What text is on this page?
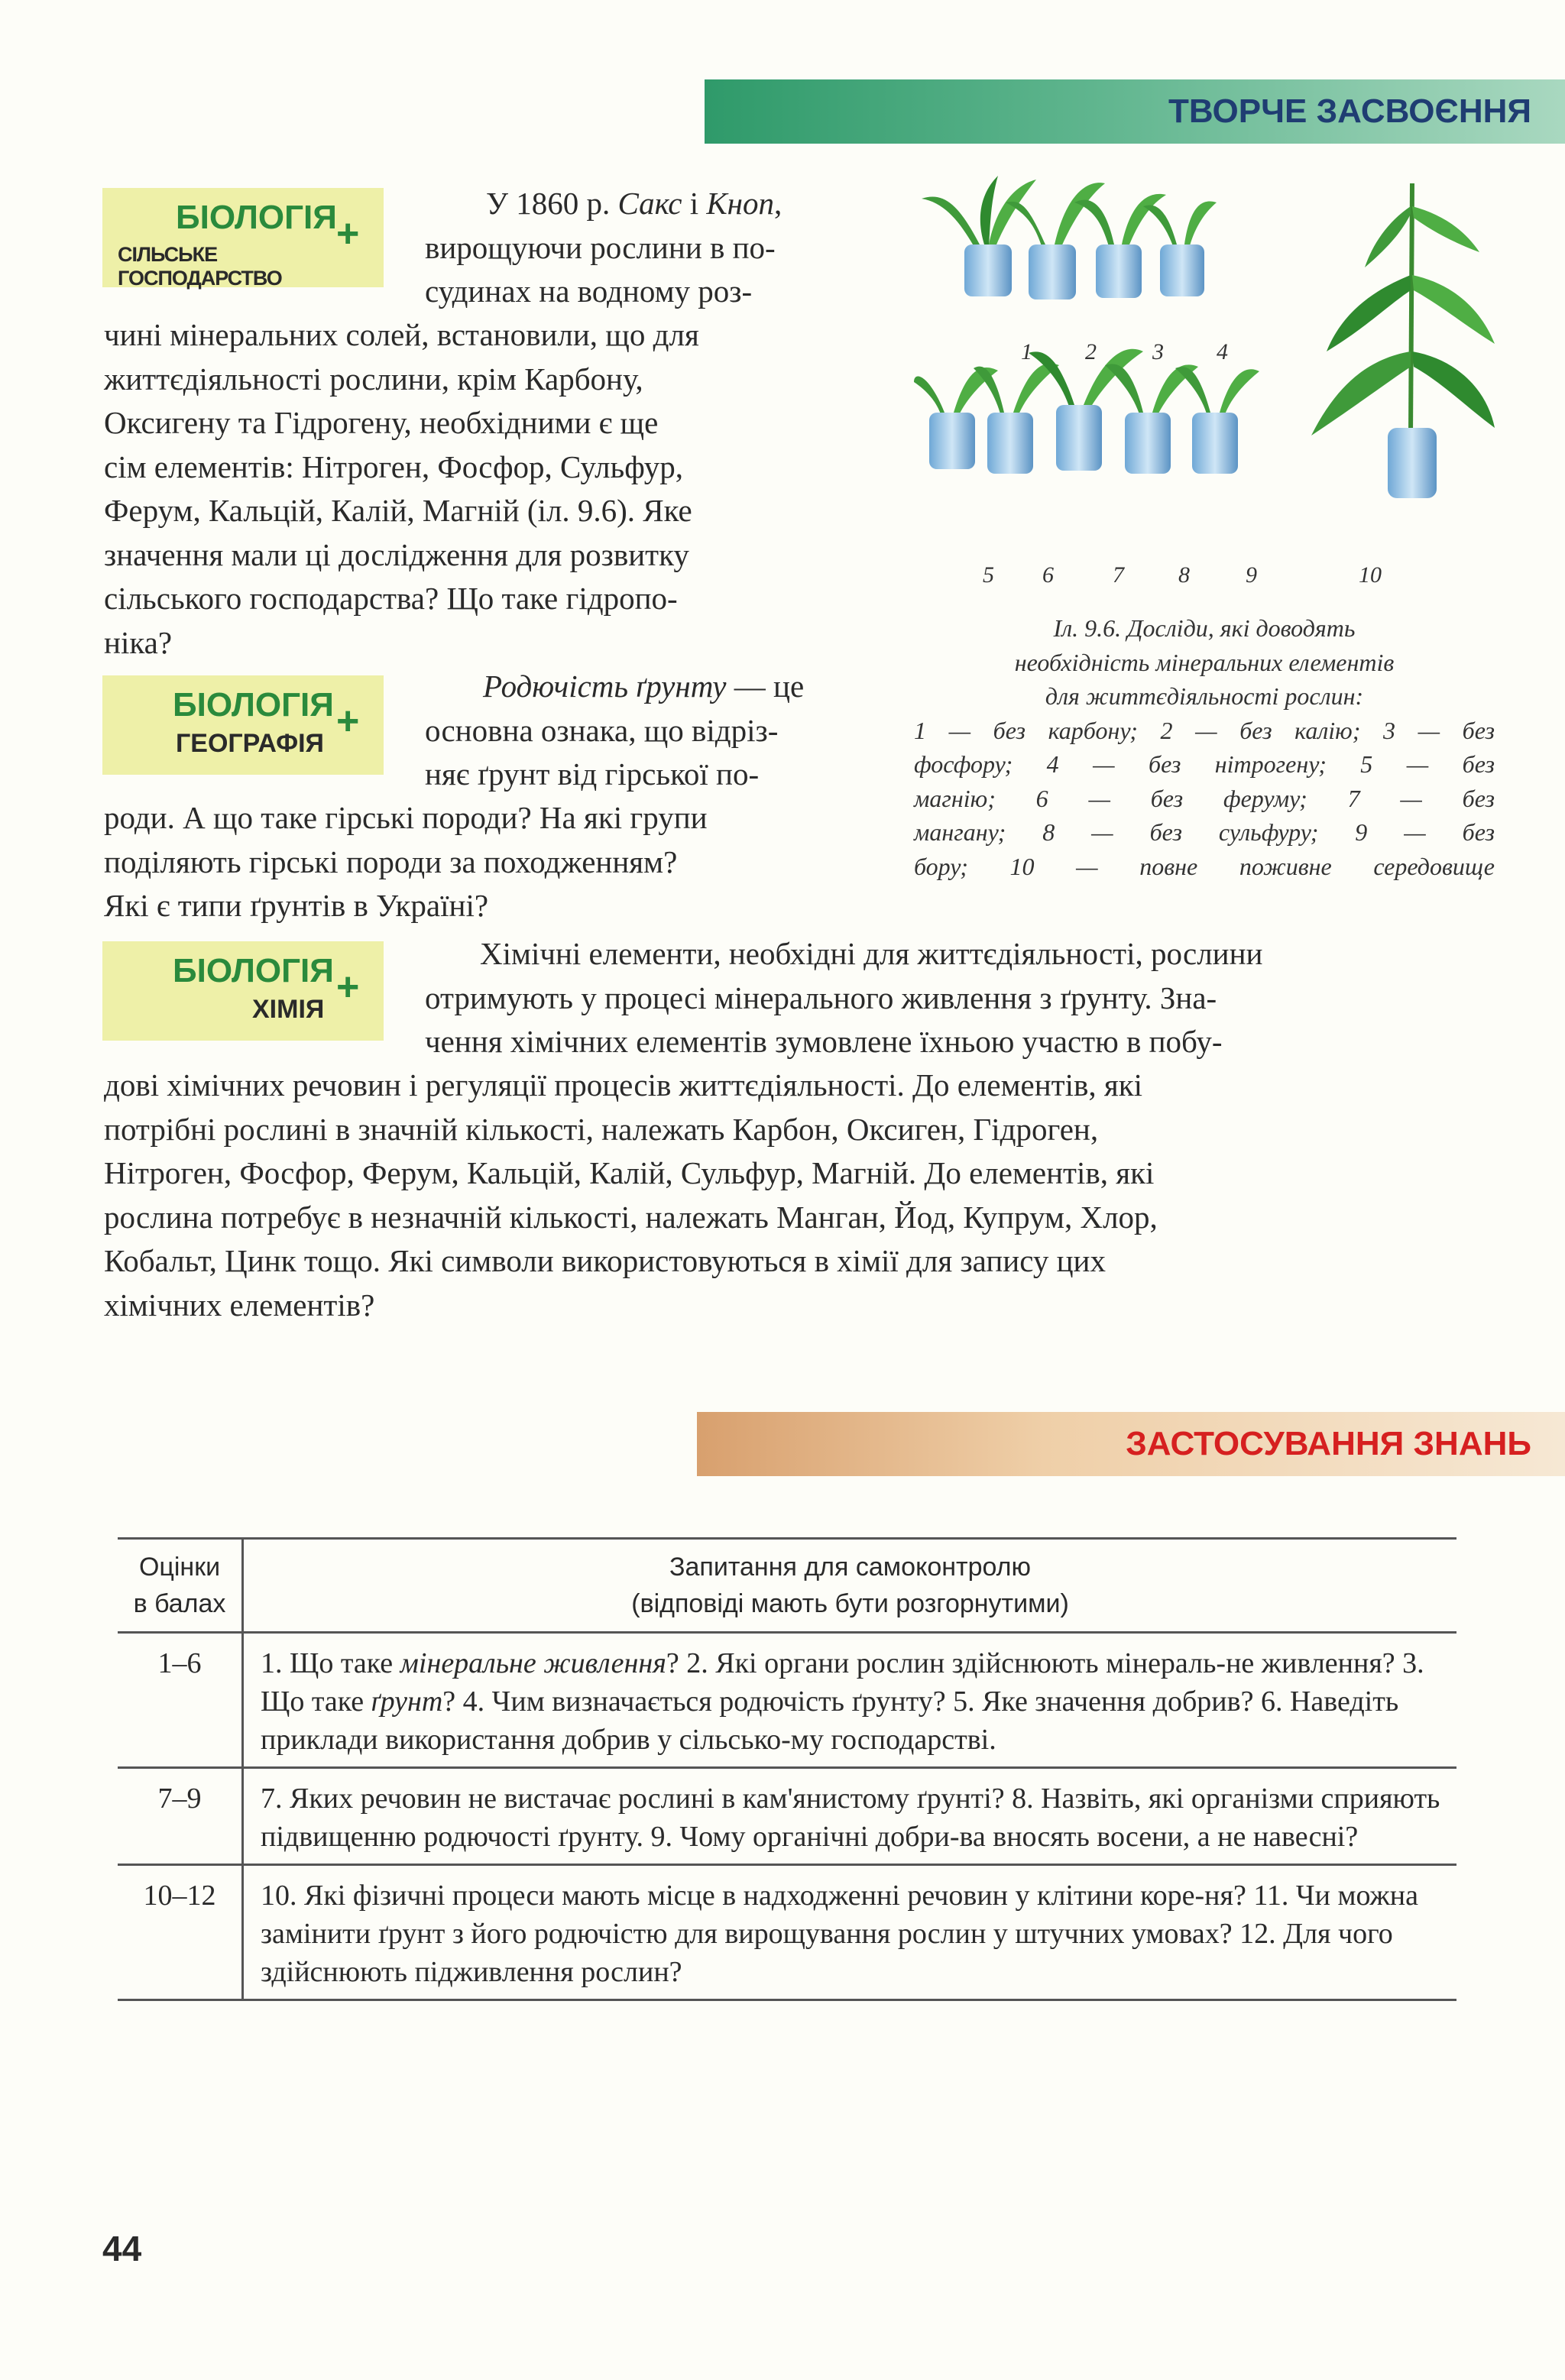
ТВОРЧЕ ЗАСВОЄННЯ
ЗАСТОСУВАННЯ ЗНАНЬ
БІОЛОГІЯ
СІЛЬСЬКЕ ГОСПОДАРСТВО
+
БІОЛОГІЯ
ГЕОГРАФІЯ +
БІОЛОГІЯ
ХІМІЯ +
У 1860 р. Сакс і Кноп,
вирощуючи рослини в по-
судинах на водному роз-
чині мінеральних солей, встановили, що для
життєдіяльності рослини, крім Карбону,
Оксигену та Гідрогену, необхідними є ще
сім елементів: Нітроген, Фосфор, Сульфур,
Ферум, Кальцій, Калій, Магній (іл. 9.6). Яке
значення мали ці дослідження для розвитку
сільського господарства? Що таке гідропо-
ніка?
Родючість ґрунту — це
основна ознака, що відріз-
няє ґрунт від гірської по-
роди. А що таке гірські породи? На які групи
поділяють гірські породи за походженням?
Які є типи ґрунтів в Україні?
Хімічні елементи, необхідні для життєдіяльності, рослини
отримують у процесі мінерального живлення з ґрунту. Зна-
чення хімічних елементів зумовлене їхньою участю в побу-
дові хімічних речовин і регуляції процесів життєдіяльності. До елементів, які
потрібні рослині в значній кількості, належать Карбон, Оксиген, Гідроген,
Нітроген, Фосфор, Ферум, Кальцій, Калій, Сульфур, Магній. До елементів, які
рослина потребує в незначній кількості, належать Манган, Йод, Купрум, Хлор,
Кобальт, Цинк тощо. Які символи використовуються в хімії для запису цих
хімічних елементів?
1 2 3 4
5 6	7 8 9	10
Іл. 9.6. Досліди, які доводять
необхідність мінеральних елементів
для життєдіяльності рослин:
1 — без карбону; 2 — без калію; 3 — без
фосфору; 4 — без нітрогену; 5 — без
магнію; 6 — без феруму; 7 — без
мангану; 8 — без сульфуру; 9 — без
бору; 10 — повне поживне середовище
Оцінки
в балах	Запитання для самоконтролю
(відповіді мають бути розгорнутими)
1–6	1. Що таке мінеральне живлення? 2. Які органи рослин здійснюють мінераль-не живлення? 3. Що таке ґрунт? 4. Чим визначається родючість ґрунту? 5. Яке значення добрив? 6. Наведіть приклади використання добрив у сільсько-му господарстві.
7–9	7. Яких речовин не вистачає рослині в кам'янистому ґрунті? 8. Назвіть, які організми сприяють підвищенню родючості ґрунту. 9. Чому органічні добри-ва вносять восени, а не навесні?
10–12	10. Які фізичні процеси мають місце в надходженні речовин у клітини коре-ня? 11. Чи можна замінити ґрунт з його родючістю для вирощування рослин у штучних умовах? 12. Для чого здійснюють підживлення рослин?
44
